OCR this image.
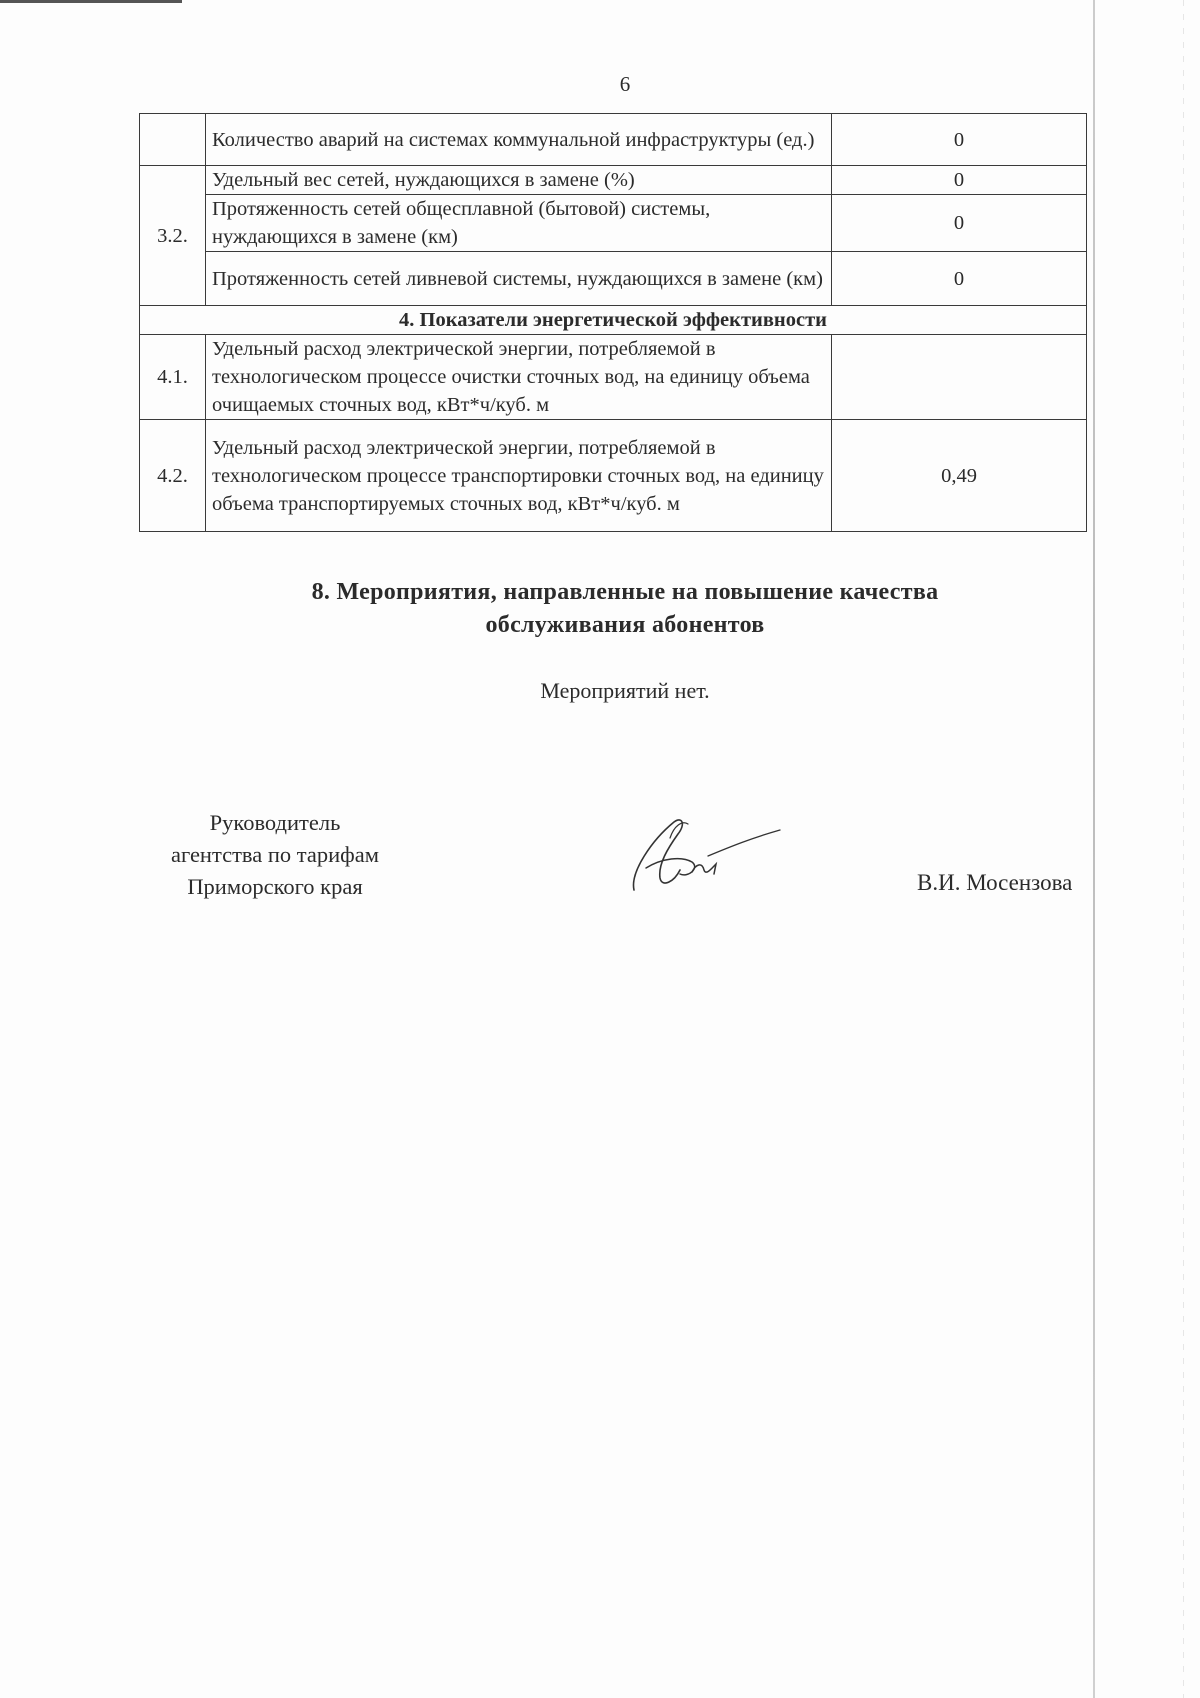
6
	Количество аварий на системах коммунальной инфраструктуры (ед.)	0
3.2.	Удельный вес сетей, нуждающихся в замене (%)	0
	Протяженность сетей общесплавной (бытовой) системы, нуждающихся в замене (км)	0
	Протяженность сетей ливневой системы, нуждающихся в замене (км)	0
4. Показатели энергетической эффективности		
4.1.	Удельный расход электрической энергии, потребляемой в технологическом процессе очистки сточных вод, на единицу объема очищаемых сточных вод, кВт*ч/куб. м	
4.2.	Удельный расход электрической энергии, потребляемой в технологическом процессе транспортировки сточных вод, на единицу объема транспортируемых сточных вод, кВт*ч/куб. м	0,49
8. Мероприятия, направленные на повышение качества
обслуживания абонентов
Мероприятий нет.
Руководитель
агентства по тарифам
Приморского края	В.И. Мосензова
